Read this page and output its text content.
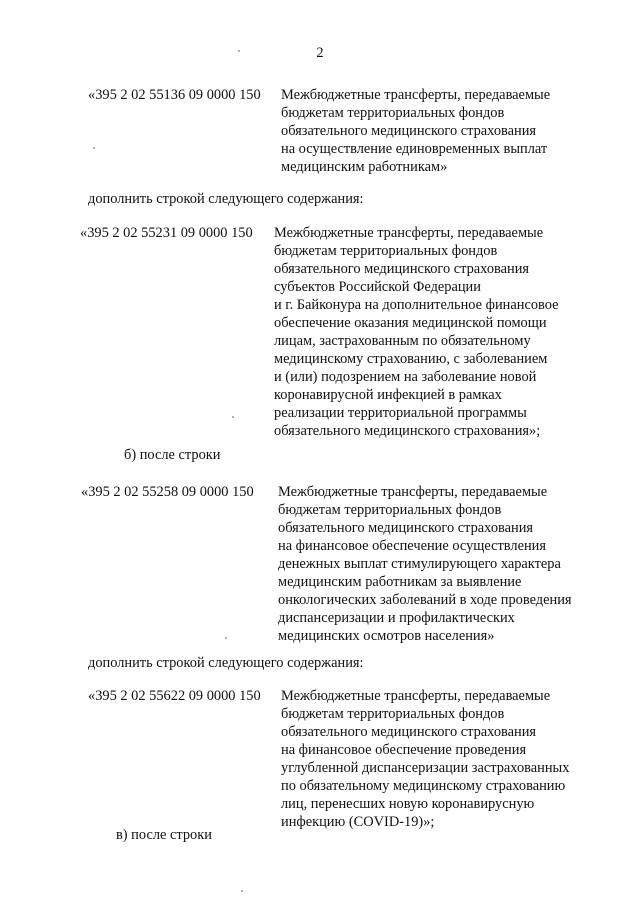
2
«395 2 02 55136 09 0000 150 Межбюджетные трансферты, передаваемые
бюджетам территориальных фондов
обязательного медицинского страхования
на осуществление единовременных выплат
медицинским работникам»
дополнить строкой следующего содержания:
«395 2 02 55231 09 0000 150 Межбюджетные трансферты, передаваемые
бюджетам территориальных фондов
обязательного медицинского страхования
субъектов Российской Федерации
и г. Байконура на дополнительное финансовое
обеспечение оказания медицинской помощи
лицам, застрахованным по обязательному
медицинскому страхованию, с заболеванием
и (или) подозрением на заболевание новой
коронавирусной инфекцией в рамках
реализации территориальной программы
обязательного медицинского страхования»;
б) после строки
«395 2 02 55258 09 0000 150 Межбюджетные трансферты, передаваемые
бюджетам территориальных фондов
обязательного медицинского страхования
на финансовое обеспечение осуществления
денежных выплат стимулирующего характера
медицинским работникам за выявление
онкологических заболеваний в ходе проведения
диспансеризации и профилактических
медицинских осмотров населения»
дополнить строкой следующего содержания:
«395 2 02 55622 09 0000 150 Межбюджетные трансферты, передаваемые
бюджетам территориальных фондов
обязательного медицинского страхования
на финансовое обеспечение проведения
углубленной диспансеризации застрахованных
по обязательному медицинскому страхованию
лиц, перенесших новую коронавирусную
инфекцию (COVID-19)»;
в) после строки
